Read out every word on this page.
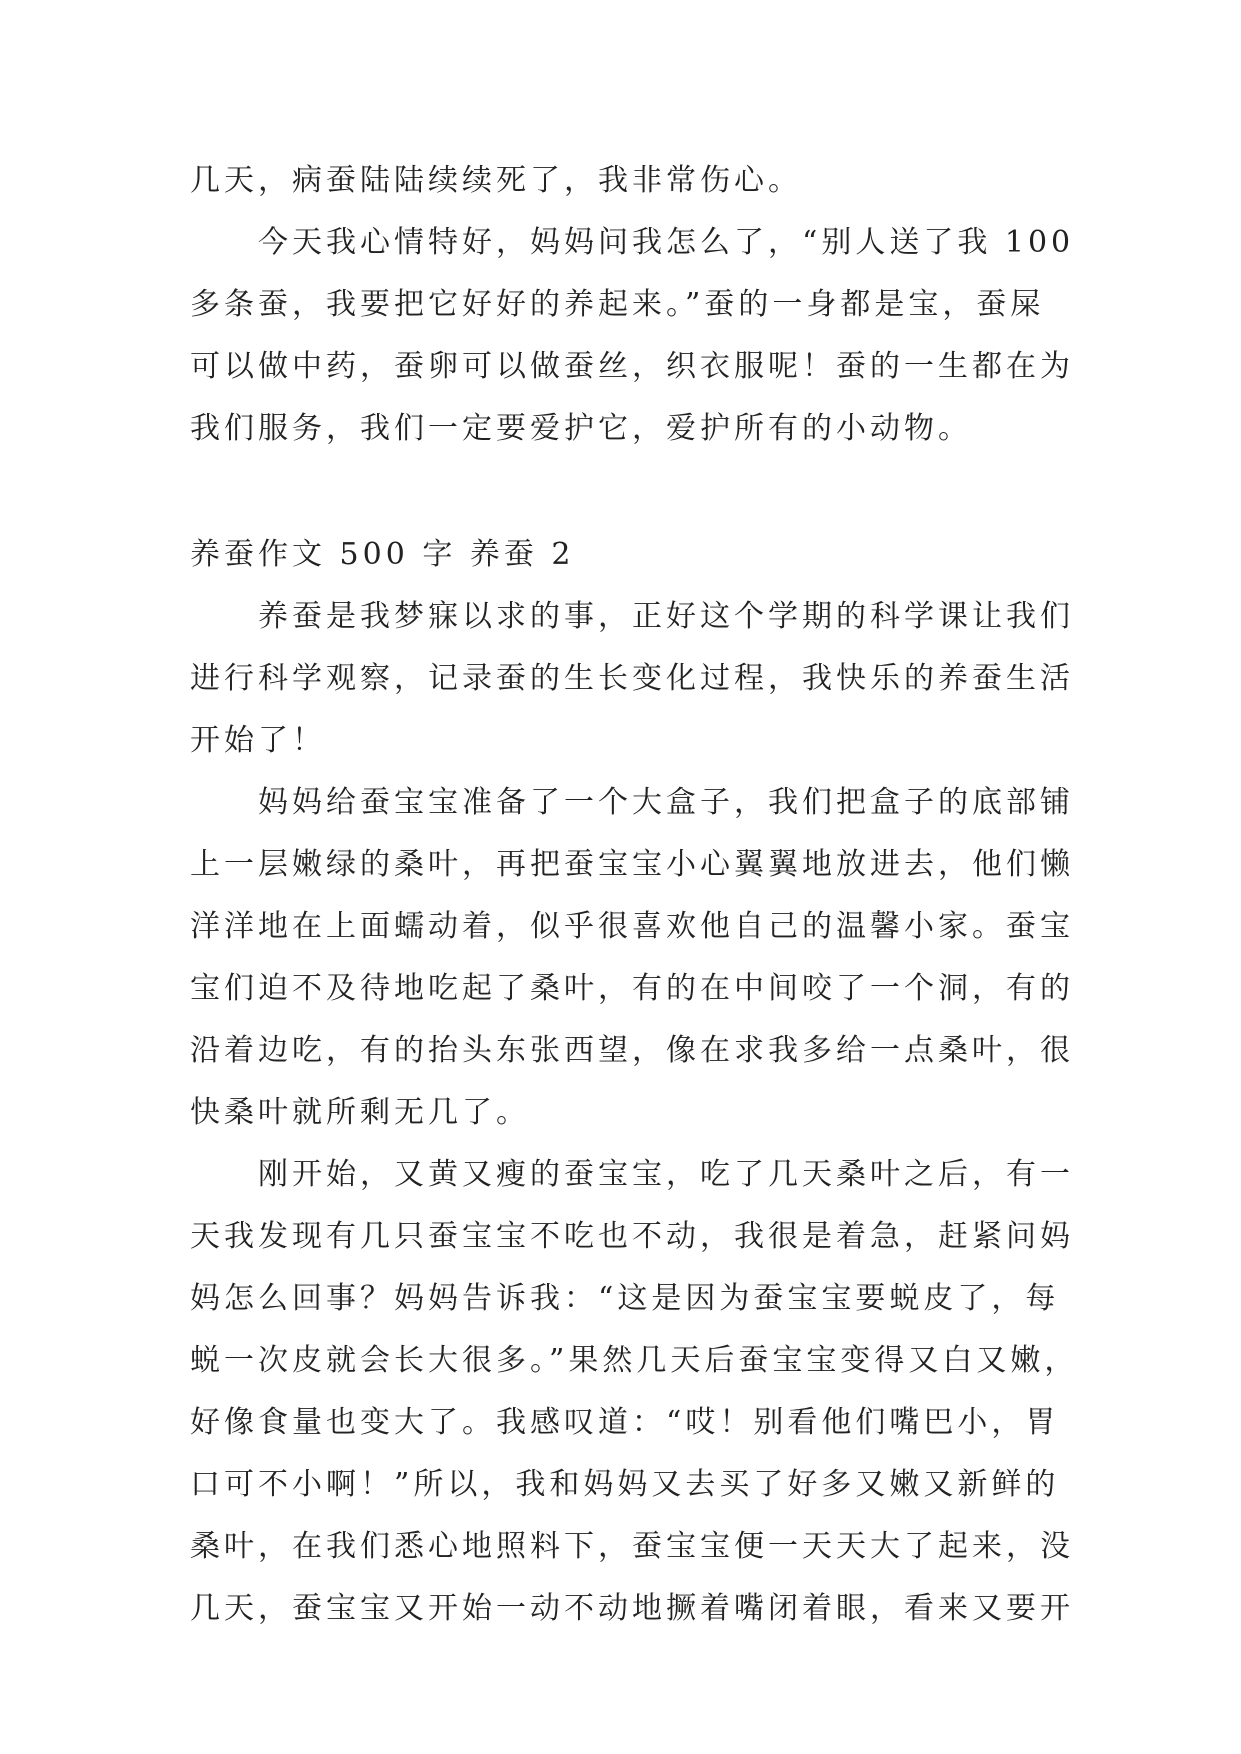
几天，病蚕陆陆续续死了，我非常伤心。
　　今天我心情特好，妈妈问我怎么了，“别人送了我 100
多条蚕，我要把它好好的养起来。”蚕的一身都是宝，蚕屎
可以做中药，蚕卵可以做蚕丝，织衣服呢！蚕的一生都在为
我们服务，我们一定要爱护它，爱护所有的小动物。
养蚕作文 500 字 养蚕 2
　　养蚕是我梦寐以求的事，正好这个学期的科学课让我们
进行科学观察，记录蚕的生长变化过程，我快乐的养蚕生活
开始了！
　　妈妈给蚕宝宝准备了一个大盒子，我们把盒子的底部铺
上一层嫩绿的桑叶，再把蚕宝宝小心翼翼地放进去，他们懒
洋洋地在上面蠕动着，似乎很喜欢他自己的温馨小家。蚕宝
宝们迫不及待地吃起了桑叶，有的在中间咬了一个洞，有的
沿着边吃，有的抬头东张西望，像在求我多给一点桑叶，很
快桑叶就所剩无几了。
　　刚开始，又黄又瘦的蚕宝宝，吃了几天桑叶之后，有一
天我发现有几只蚕宝宝不吃也不动，我很是着急，赶紧问妈
妈怎么回事？妈妈告诉我：“这是因为蚕宝宝要蜕皮了，每
蜕一次皮就会长大很多。”果然几天后蚕宝宝变得又白又嫩，
好像食量也变大了。我感叹道：“哎！别看他们嘴巴小，胃
口可不小啊！”所以，我和妈妈又去买了好多又嫩又新鲜的
桑叶，在我们悉心地照料下，蚕宝宝便一天天大了起来，没
几天，蚕宝宝又开始一动不动地撅着嘴闭着眼，看来又要开
